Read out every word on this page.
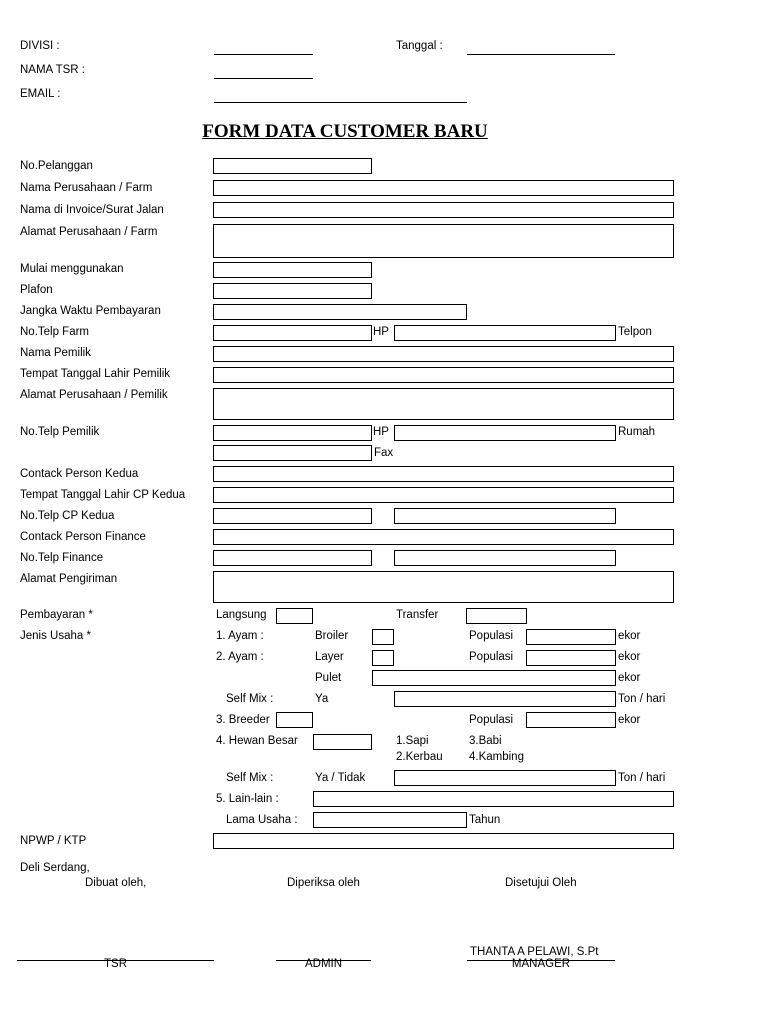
DIVISI :	Tanggal :
NAMA TSR :
EMAIL :
FORM DATA CUSTOMER BARU
No.Pelanggan
Nama Perusahaan / Farm
Nama di Invoice/Surat Jalan
Alamat Perusahaan / Farm
Mulai menggunakan
Plafon
Jangka Waktu Pembayaran
No.Telp Farm	HP	Telpon
Nama Pemilik
Tempat Tanggal Lahir Pemilik
Alamat Perusahaan / Pemilik
No.Telp Pemilik	HP	Rumah
Fax
Contack Person Kedua
Tempat Tanggal Lahir CP Kedua
No.Telp CP Kedua
Contack Person Finance
No.Telp Finance
Alamat Pengiriman
Pembayaran *	Langsung	Transfer
Jenis Usaha *	1. Ayam :	Broiler	Populasi	ekor
2. Ayam :	Layer	Populasi	ekor
Pulet	ekor
Self Mix :	Ya	Ton / hari
3. Breeder	Populasi	ekor
4. Hewan Besar	1.Sapi	3.Babi
2.Kerbau 4.Kambing
Self Mix :	Ya / Tidak	Ton / hari
5. Lain-lain :
Lama Usaha :	Tahun
NPWP / KTP
Deli Serdang,
Dibuat oleh,	Diperiksa oleh	Disetujui Oleh
THANTA A PELAWI, S.Pt
TSR	ADMIN	MANAGER
